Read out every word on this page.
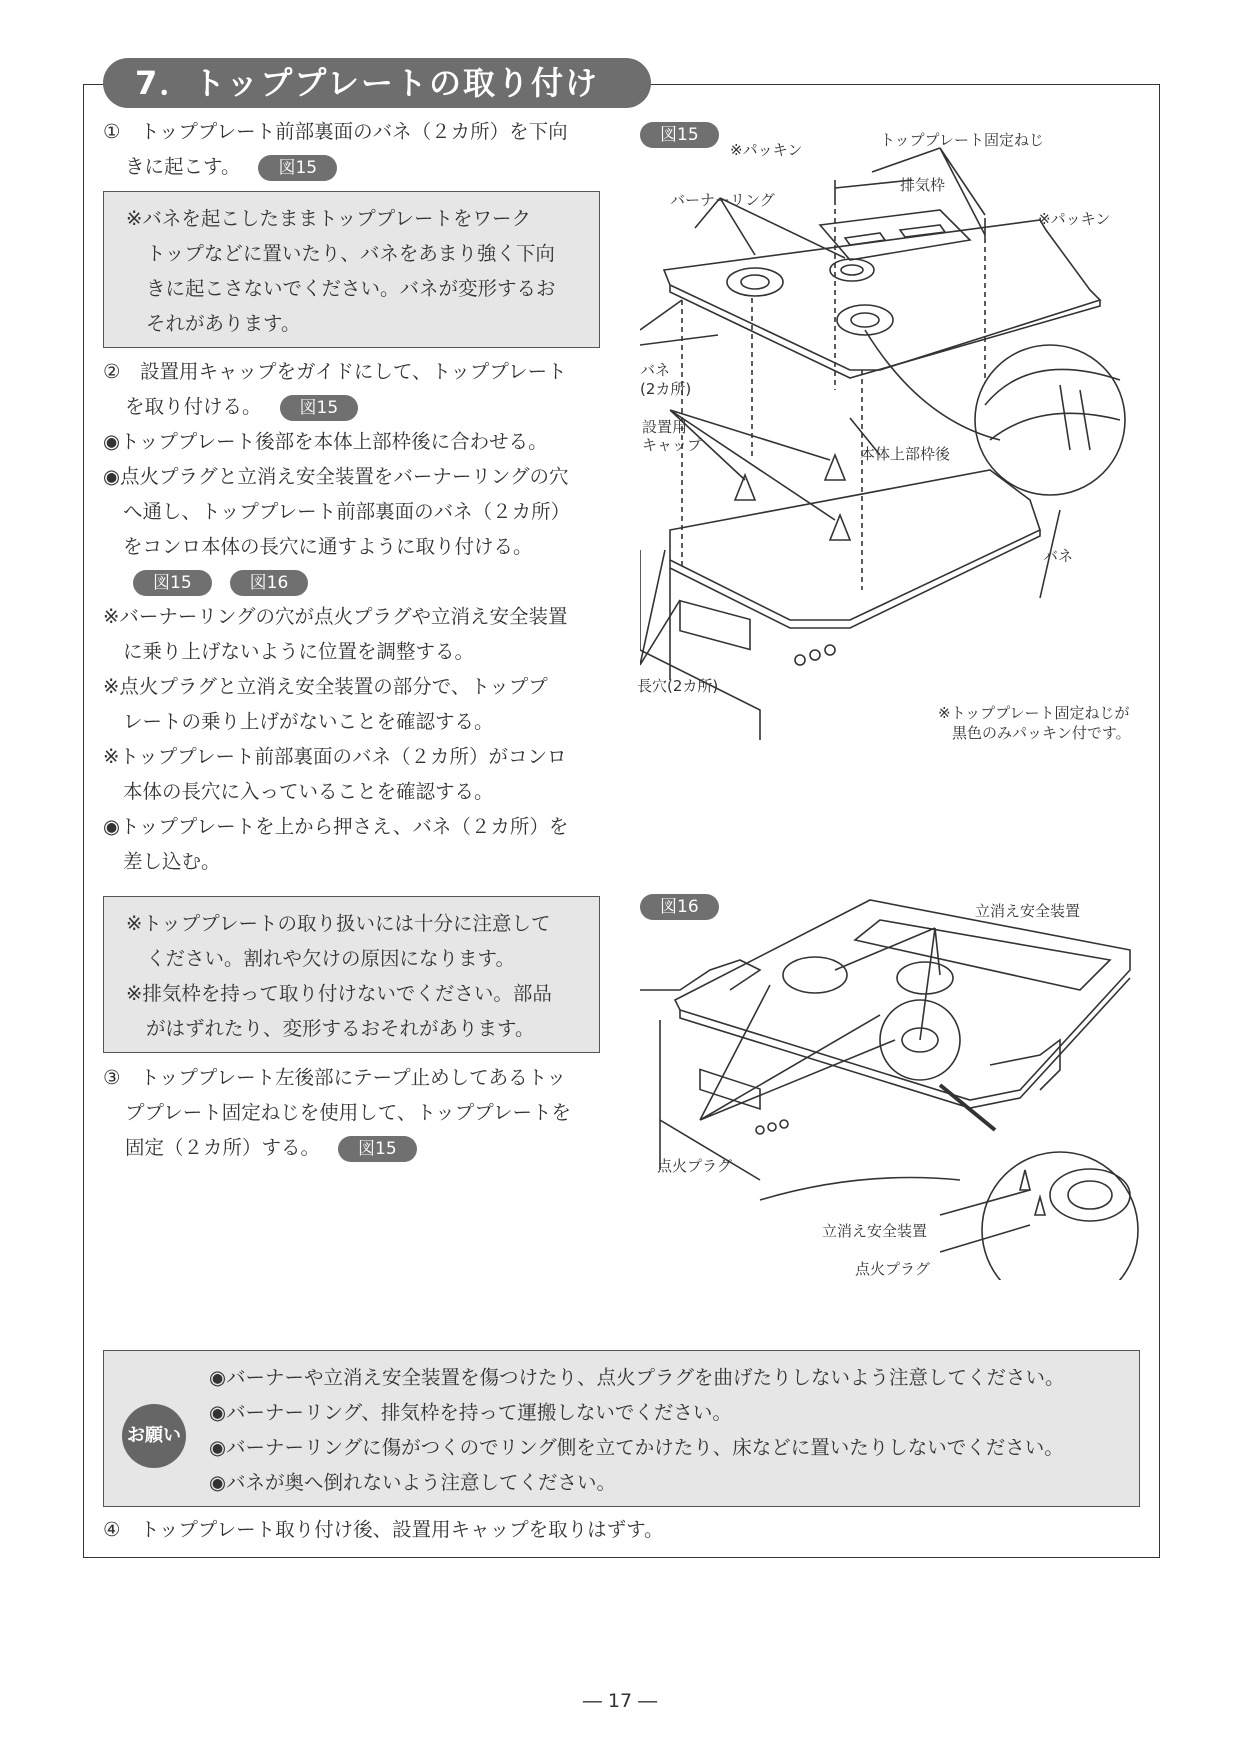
7．トッププレートの取り付け
①　トッププレート前部裏面のバネ（２カ所）を下向
きに起こす。 図15

※バネを起こしたままトッププレートをワーク

トップなどに置いたり、バネをあまり強く下向

きに起こさないでください。バネが変形するお

それがあります。

②　設置用キャップをガイドにして、トッププレート
を取り付ける。 図15
◉トッププレート後部を本体上部枠後に合わせる。
◉点火プラグと立消え安全装置をバーナーリングの穴
へ通し、トッププレート前部裏面のバネ（２カ所）
をコンロ本体の長穴に通すように取り付ける。
図15	図16
※バーナーリングの穴が点火プラグや立消え安全装置
に乗り上げないように位置を調整する。
※点火プラグと立消え安全装置の部分で、トッププ
レートの乗り上げがないことを確認する。
※トッププレート前部裏面のバネ（２カ所）がコンロ
本体の長穴に入っていることを確認する。
◉トッププレートを上から押さえ、バネ（２カ所）を
差し込む。

※トッププレートの取り扱いには十分に注意して

ください。割れや欠けの原因になります。

※排気枠を持って取り付けないでください。部品

がはずれたり、変形するおそれがあります。

③　トッププレート左後部にテープ止めしてあるトッ
ププレート固定ねじを使用して、トッププレートを
固定（２カ所）する。 図15
図15
※パッキン
トッププレート固定ねじ
排気枠
※パッキン
バーナーリング
バネ
(2カ所)
設置用
キャップ	本体上部枠後
バネ
長穴(2カ所)
※トッププレート固定ねじが
黒色のみパッキン付です。
図16	立消え安全装置
点火プラグ
立消え安全装置
点火プラグ

◉バーナーや立消え安全装置を傷つけたり、点火プラグを曲げたりしないよう注意してください。

◉バーナーリング、排気枠を持って運搬しないでください。

◉バーナーリングに傷がつくのでリング側を立てかけたり、床などに置いたりしないでください。

◉バネが奥へ倒れないよう注意してください。

お願い
④　トッププレート取り付け後、設置用キャップを取りはずす。
― 17 ―
